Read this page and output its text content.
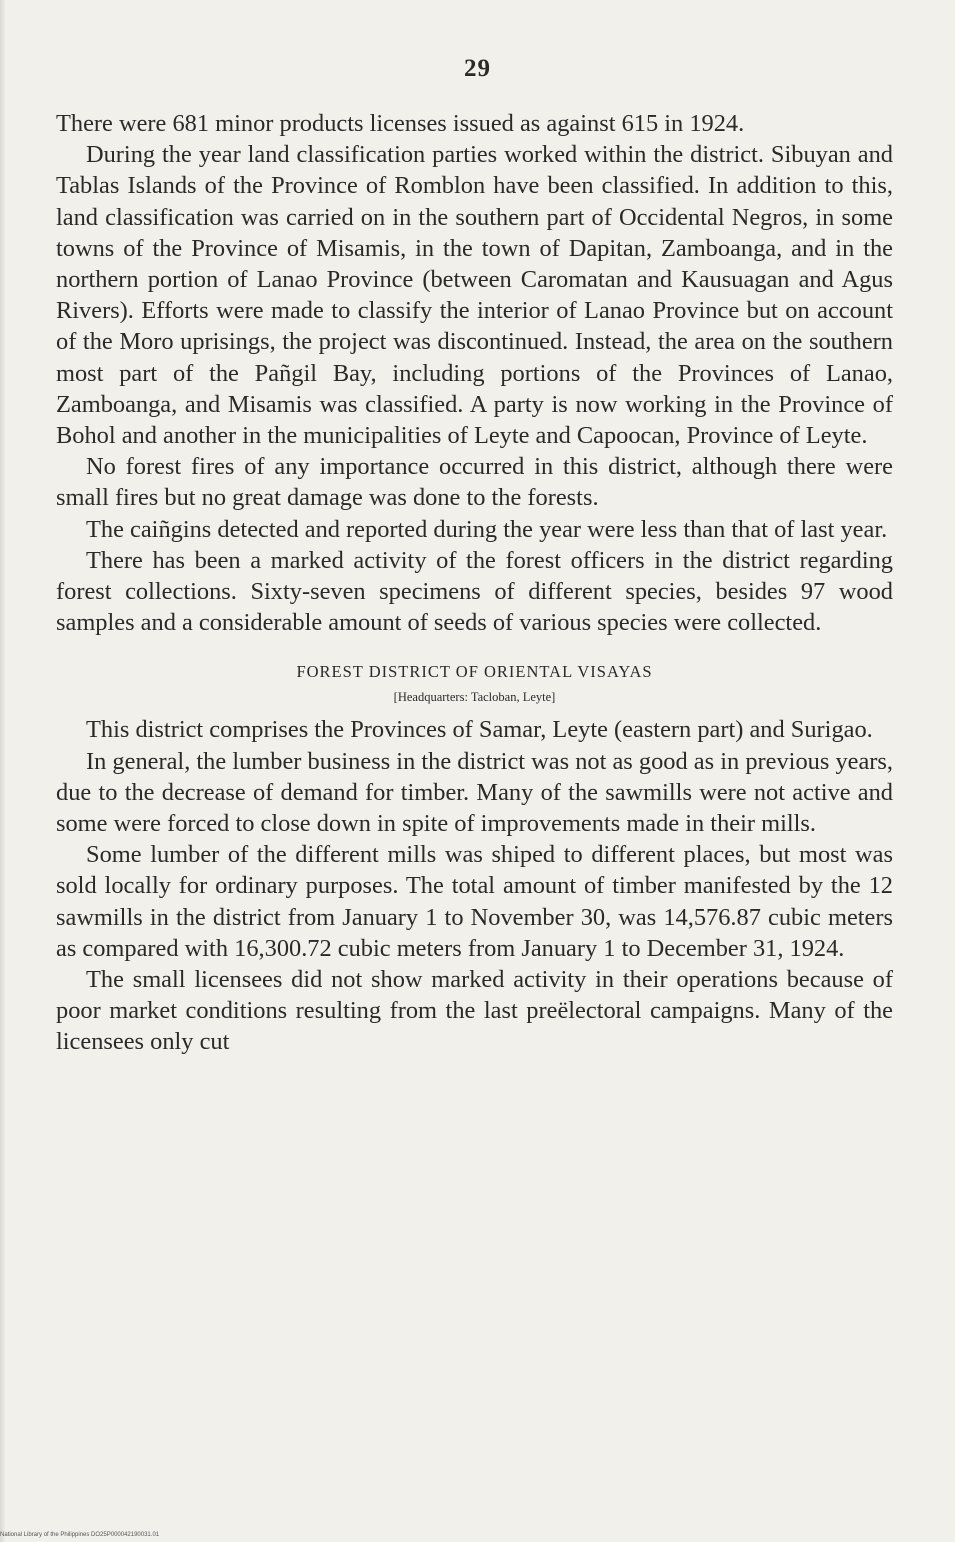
29

There were 681 minor products licenses issued as against 615 in 1924.

During the year land classification parties worked within the district. Sibuyan and Tablas Islands of the Province of Romblon have been classified. In addition to this, land classification was carried on in the southern part of Occidental Negros, in some towns of the Province of Misamis, in the town of Dapitan, Zamboanga, and in the northern portion of Lanao Province (between Caromatan and Kausuagan and Agus Rivers). Efforts were made to classify the interior of Lanao Province but on account of the Moro uprisings, the project was discontinued. Instead, the area on the southern most part of the Pañgil Bay, including portions of the Provinces of Lanao, Zamboanga, and Misamis was classified. A party is now working in the Province of Bohol and another in the municipalities of Leyte and Capoocan, Province of Leyte.

No forest fires of any importance occurred in this district, although there were small fires but no great damage was done to the forests.

The caiñgins detected and reported during the year were less than that of last year.

There has been a marked activity of the forest officers in the district regarding forest collections. Sixty-seven specimens of different species, besides 97 wood samples and a considerable amount of seeds of various species were collected.

FOREST DISTRICT OF ORIENTAL VISAYAS
[Headquarters: Tacloban, Leyte]

This district comprises the Provinces of Samar, Leyte (eastern part) and Surigao.

In general, the lumber business in the district was not as good as in previous years, due to the decrease of demand for timber. Many of the sawmills were not active and some were forced to close down in spite of improvements made in their mills.

Some lumber of the different mills was shiped to different places, but most was sold locally for ordinary purposes. The total amount of timber manifested by the 12 sawmills in the district from January 1 to November 30, was 14,576.87 cubic meters as compared with 16,300.72 cubic meters from January 1 to December 31, 1924.

The small licensees did not show marked activity in their operations because of poor market conditions resulting from the last preëlectoral campaigns. Many of the licensees only cut

National Library of the Philippines DO25P000042190031.01
